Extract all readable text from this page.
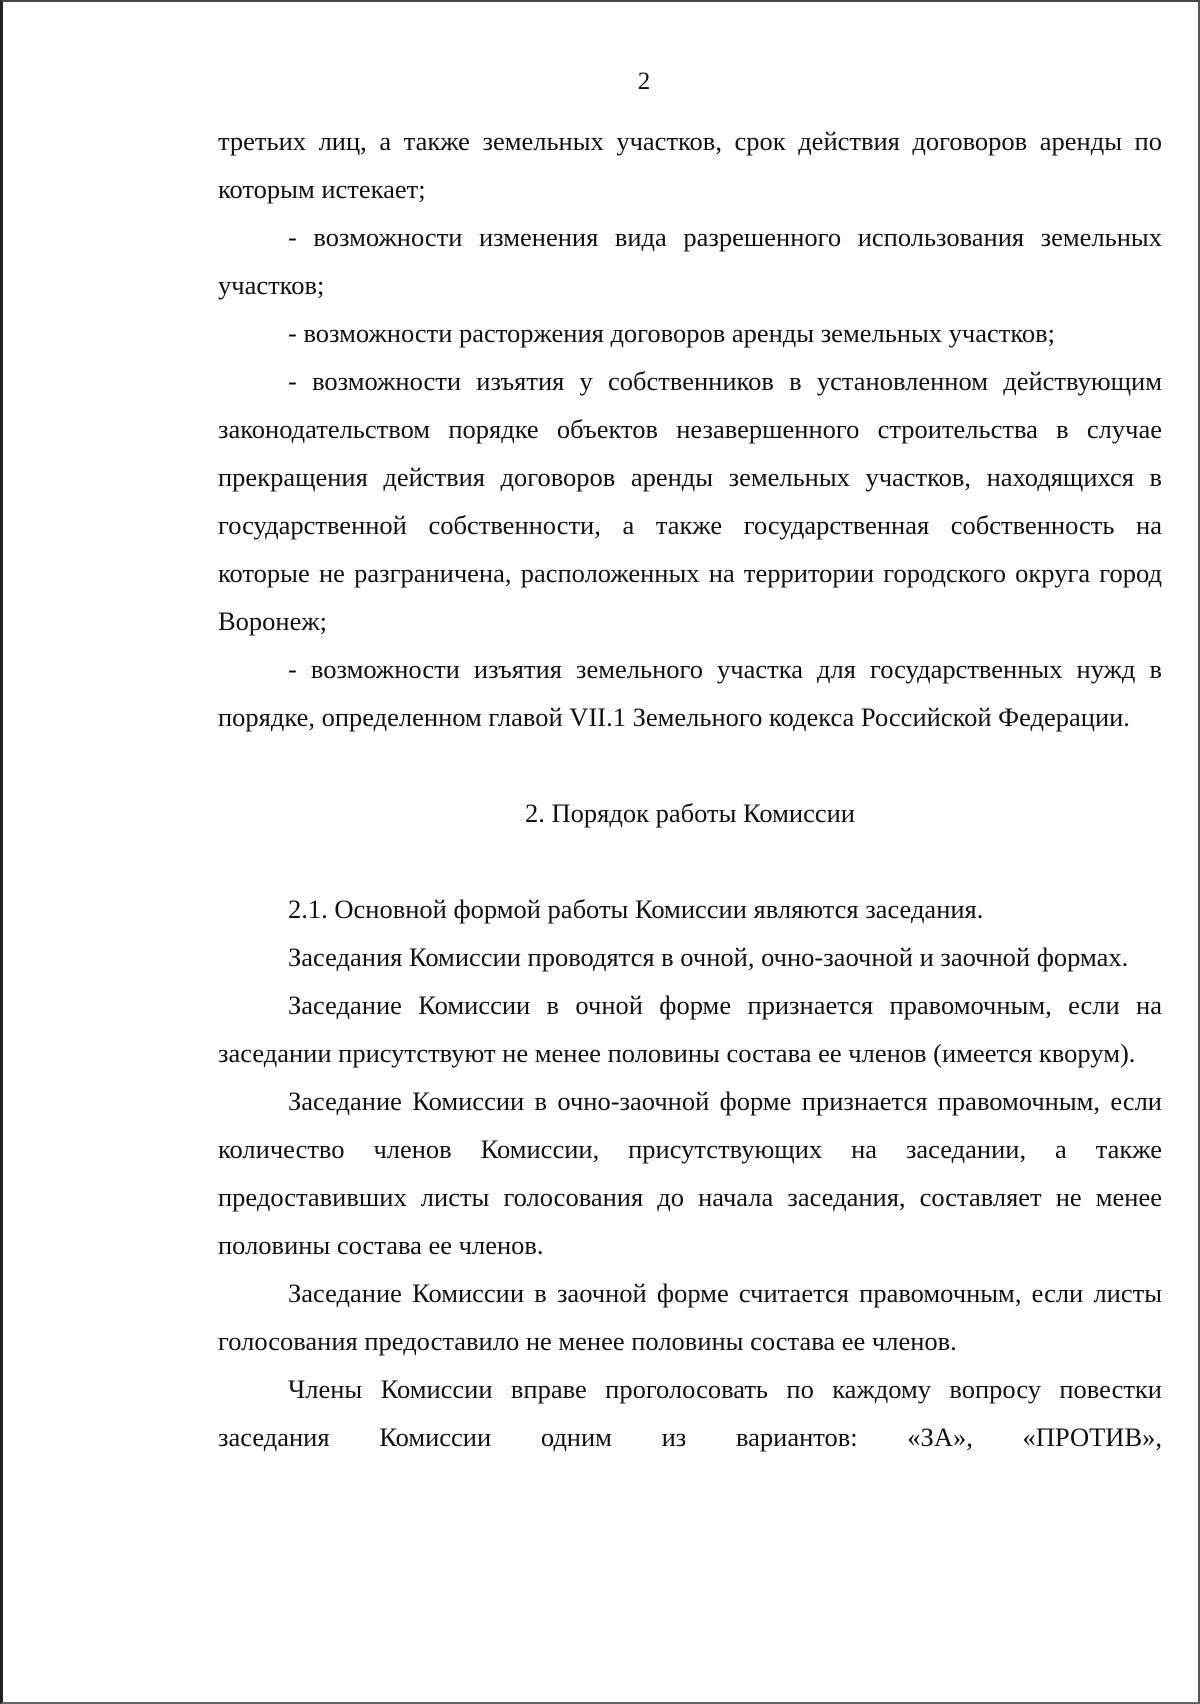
2

третьих лиц, а также земельных участков, срок действия договоров аренды по которым истекает;

- возможности изменения вида разрешенного использования земельных участков;

- возможности расторжения договоров аренды земельных участков;

- возможности изъятия у собственников в установленном действующим законодательством порядке объектов незавершенного строительства в случае прекращения действия договоров аренды земельных участков, находящихся в государственной собственности, а также государственная собственность на которые не разграничена, расположенных на территории городского округа город Воронеж;

- возможности изъятия земельного участка для государственных нужд в порядке, определенном главой VII.1 Земельного кодекса Российской Федерации.

2. Порядок работы Комиссии

2.1. Основной формой работы Комиссии являются заседания.

Заседания Комиссии проводятся в очной, очно-заочной и заочной формах.

Заседание Комиссии в очной форме признается правомочным, если на заседании присутствуют не менее половины состава ее членов (имеется кворум).

Заседание Комиссии в очно-заочной форме признается правомочным, если количество членов Комиссии, присутствующих на заседании, а также предоставивших листы голосования до начала заседания, составляет не менее половины состава ее членов.

Заседание Комиссии в заочной форме считается правомочным, если листы голосования предоставило не менее половины состава ее членов.

Члены Комиссии вправе проголосовать по каждому вопросу повестки заседания Комиссии одним из вариантов: «ЗА», «ПРОТИВ»,
